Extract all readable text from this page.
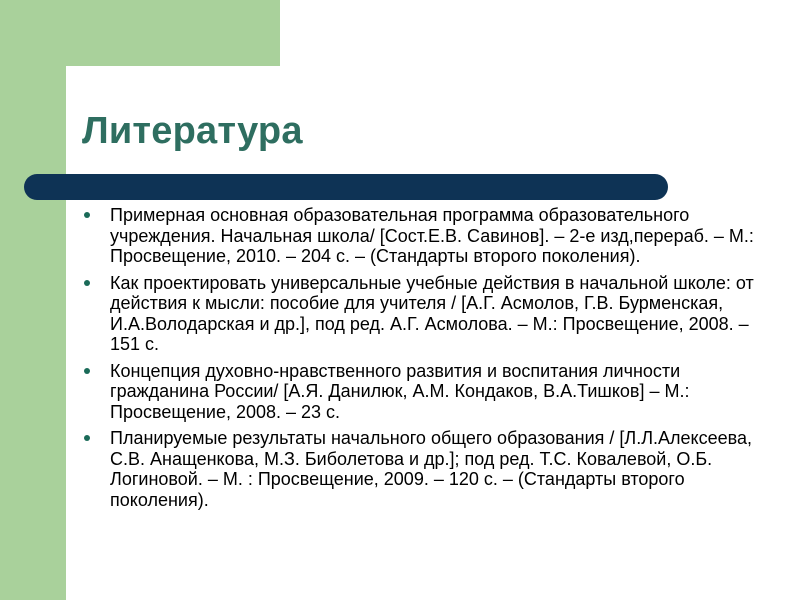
Литература
Примерная основная образовательная программа образовательного учреждения. Начальная школа/ [Сост.Е.В. Савинов]. – 2-е изд,перераб. – М.: Просвещение, 2010. – 204 с. – (Стандарты второго поколения).
Как проектировать универсальные учебные действия в начальной школе: от действия к мысли: пособие для учителя / [А.Г. Асмолов, Г.В. Бурменская, И.А.Володарская и др.], под ред. А.Г. Асмолова. – М.: Просвещение, 2008. – 151 с.
Концепция духовно-нравственного развития и воспитания личности гражданина России/ [А.Я. Данилюк, А.М. Кондаков, В.А.Тишков] – М.: Просвещение, 2008. – 23 с.
Планируемые результаты начального общего образования / [Л.Л.Алексеева, С.В. Анащенкова, М.З. Биболетова и др.]; под ред. Т.С. Ковалевой, О.Б. Логиновой. – М. : Просвещение, 2009. – 120 с. – (Стандарты второго поколения).
